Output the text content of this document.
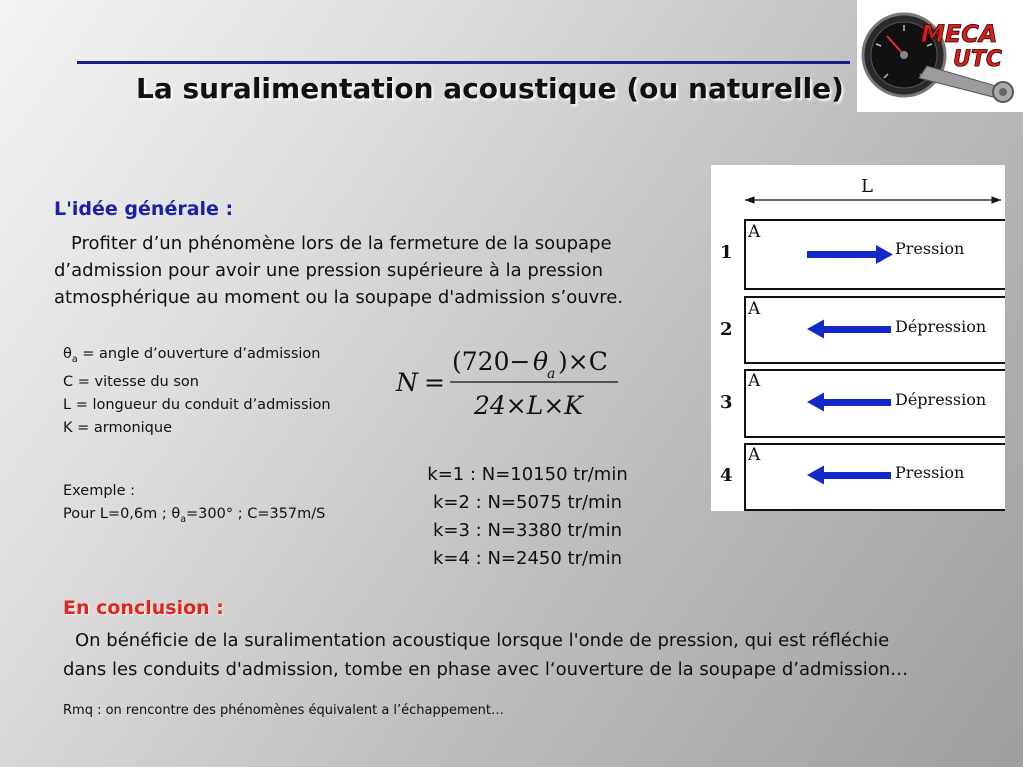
La suralimentation acoustique (ou naturelle)
MECA
UTC
L'idée générale :
Profiter d’un phénomène lors de la fermeture de la soupape
d’admission pour avoir une pression supérieure à la pression
atmosphérique au moment ou la soupape d'admission s’ouvre.
$\theta_a$ = angle d’ouverture d’admission
C = vitesse du son
L = longueur du conduit d’admission
K = armonique
N =
(720− θ
a )×C
24×L×K
Exemple :
Pour L=0,6m ; $\theta_a=300^\circ$ ; C=357m/S
k=1 : N=10150 tr/min
k=2 : N=5075 tr/min
k=3 : N=3380 tr/min
k=4 : N=2450 tr/min
L
A
1	Pression
A
2	Dépression
A
3	Dépression
A
4	Pression
En conclusion :
On bénéficie de la suralimentation acoustique lorsque l'onde de pression, qui est réfléchie
dans les conduits d'admission, tombe en phase avec l‘ouverture de la soupape d’admission…
Rmq : on rencontre des phénomènes équivalent a l’échappement…
